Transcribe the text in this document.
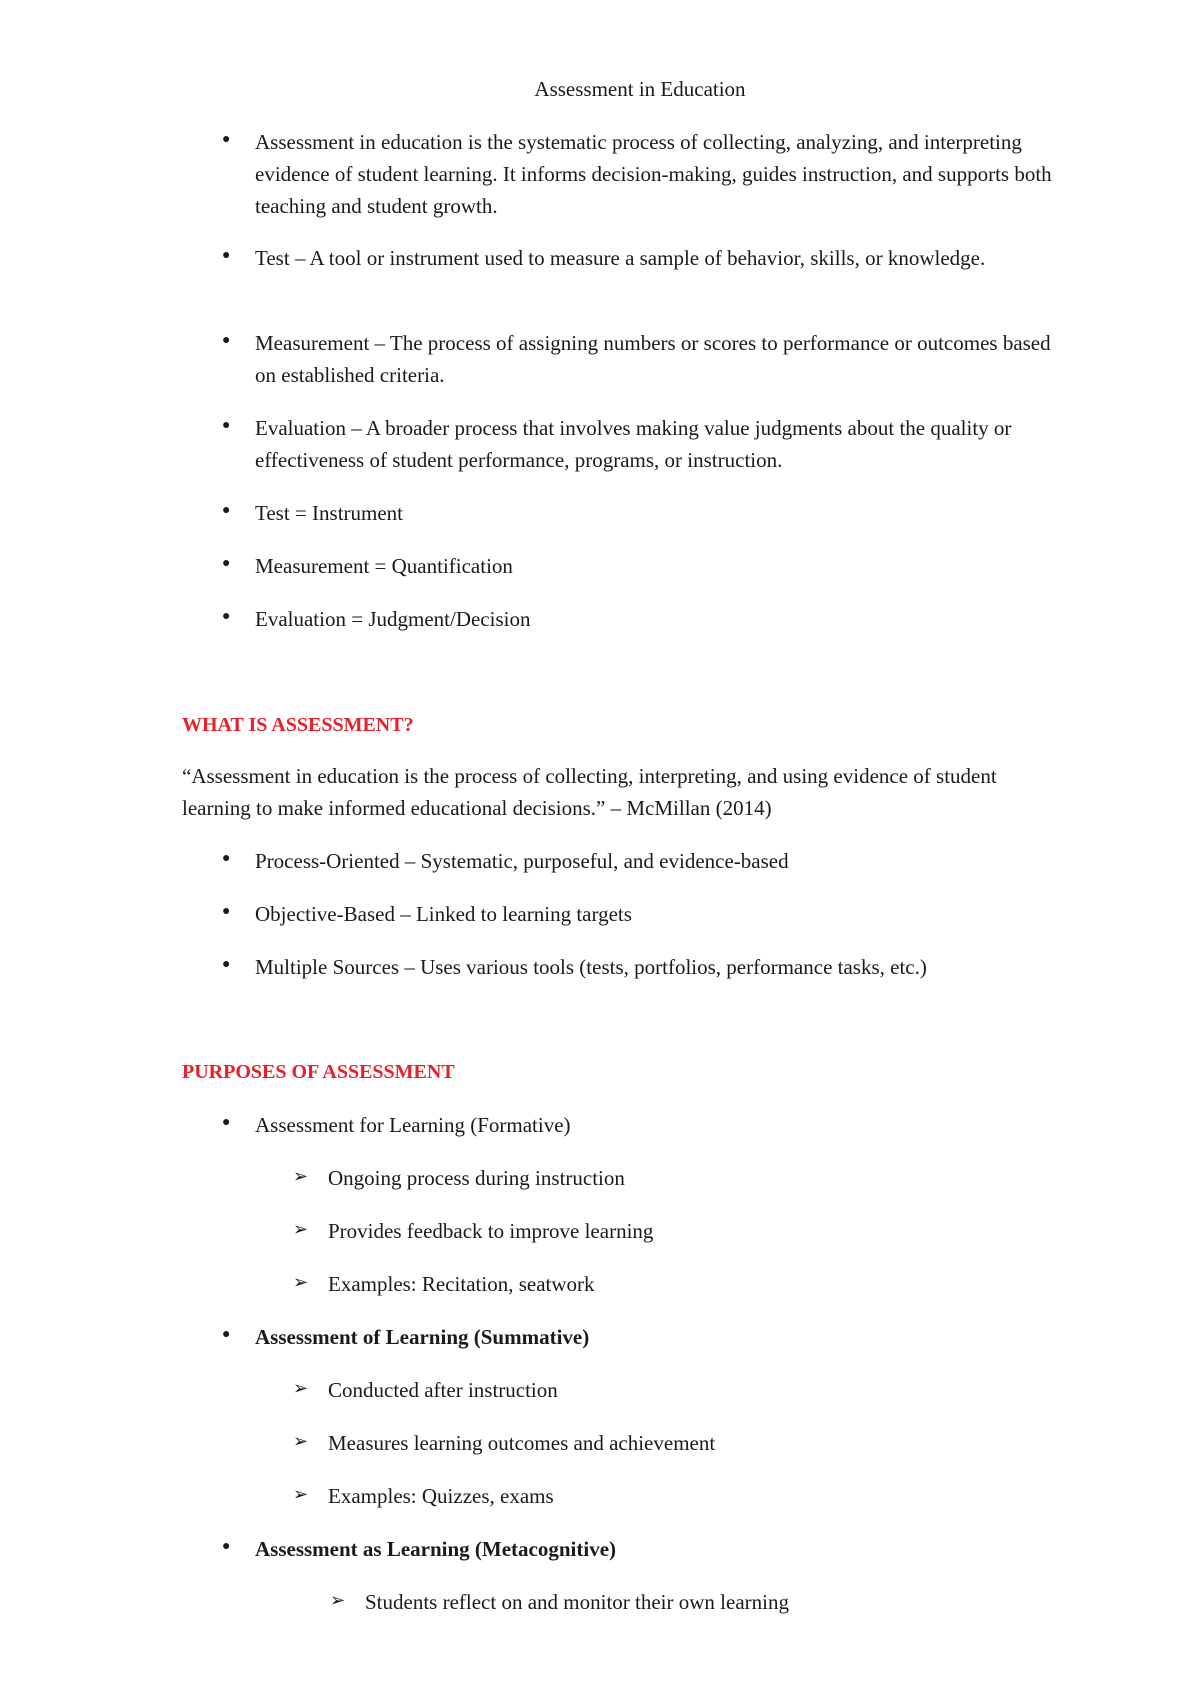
Assessment in Education
● Assessment in education is the systematic process of collecting, analyzing, and interpreting evidence of student learning. It informs decision-making, guides instruction, and supports both teaching and student growth.
● Test – A tool or instrument used to measure a sample of behavior, skills, or knowledge.
● Measurement – The process of assigning numbers or scores to performance or outcomes based on established criteria.
● Evaluation – A broader process that involves making value judgments about the quality or effectiveness of student performance, programs, or instruction.
● Test = Instrument
● Measurement = Quantification
● Evaluation = Judgment/Decision
WHAT IS ASSESSMENT?
“Assessment in education is the process of collecting, interpreting, and using evidence of student learning to make informed educational decisions.” – McMillan (2014)
● Process-Oriented – Systematic, purposeful, and evidence-based
● Objective-Based – Linked to learning targets
● Multiple Sources – Uses various tools (tests, portfolios, performance tasks, etc.)
PURPOSES OF ASSESSMENT
● Assessment for Learning (Formative)
➢ Ongoing process during instruction
➢ Provides feedback to improve learning
➢ Examples: Recitation, seatwork
● Assessment of Learning (Summative)
➢ Conducted after instruction
➢ Measures learning outcomes and achievement
➢ Examples: Quizzes, exams
● Assessment as Learning (Metacognitive)
➢ Students reflect on and monitor their own learning
